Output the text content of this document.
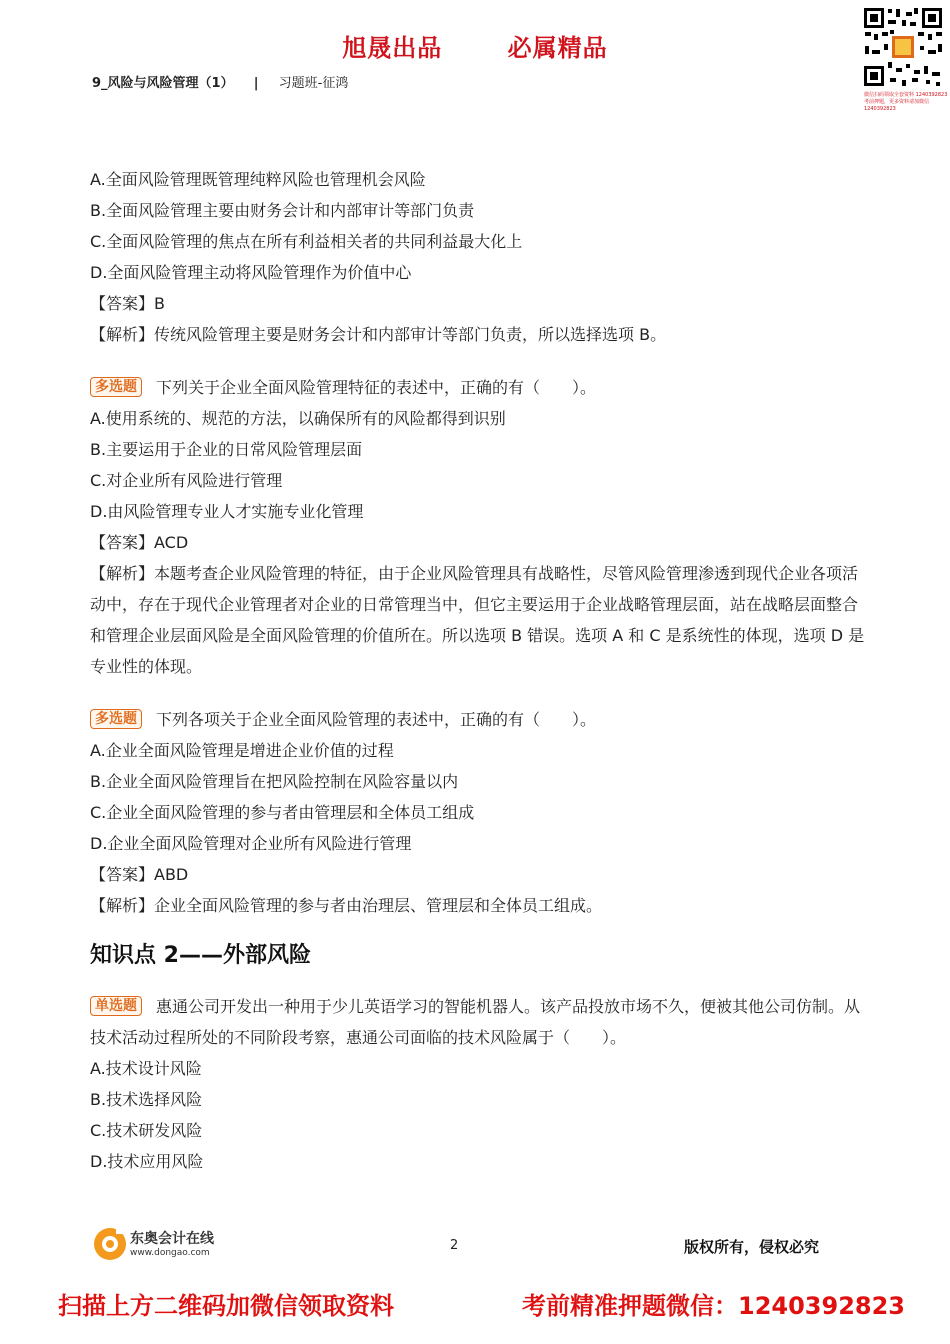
旭晟出品	必属精品
9_风险与风险管理（1） | 习题班-征鸿
微信扫码领取全套资料 1240392823 考前押题，更多资料请加微信 1240392823

A.全面风险管理既管理纯粹风险也管理机会风险

B.全面风险管理主要由财务会计和内部审计等部门负责

C.全面风险管理的焦点在所有利益相关者的共同利益最大化上

D.全面风险管理主动将风险管理作为价值中心

【答案】B

【解析】传统风险管理主要是财务会计和内部审计等部门负责，所以选择选项 B。

多选题 下列关于企业全面风险管理特征的表述中，正确的有（　　）。

A.使用系统的、规范的方法，以确保所有的风险都得到识别

B.主要运用于企业的日常风险管理层面

C.对企业所有风险进行管理

D.由风险管理专业人才实施专业化管理

【答案】ACD

【解析】本题考查企业风险管理的特征，由于企业风险管理具有战略性，尽管风险管理渗透到现代企业各项活动中，存在于现代企业管理者对企业的日常管理当中，但它主要运用于企业战略管理层面，站在战略层面整合和管理企业层面风险是全面风险管理的价值所在。所以选项 B 错误。选项 A 和 C 是系统性的体现，选项 D 是专业性的体现。

多选题 下列各项关于企业全面风险管理的表述中，正确的有（　　）。

A.企业全面风险管理是增进企业价值的过程

B.企业全面风险管理旨在把风险控制在风险容量以内

C.企业全面风险管理的参与者由管理层和全体员工组成

D.企业全面风险管理对企业所有风险进行管理

【答案】ABD

【解析】企业全面风险管理的参与者由治理层、管理层和全体员工组成。

知识点 2——外部风险

单选题 惠通公司开发出一种用于少儿英语学习的智能机器人。该产品投放市场不久，便被其他公司仿制。从技术活动过程所处的不同阶段考察，惠通公司面临的技术风险属于（　　）。

A.技术设计风险

B.技术选择风险

C.技术研发风险

D.技术应用风险

东奥会计在线
www.dongao.com	2	版权所有，侵权必究
扫描上方二维码加微信领取资料	考前精准押题微信：1240392823
